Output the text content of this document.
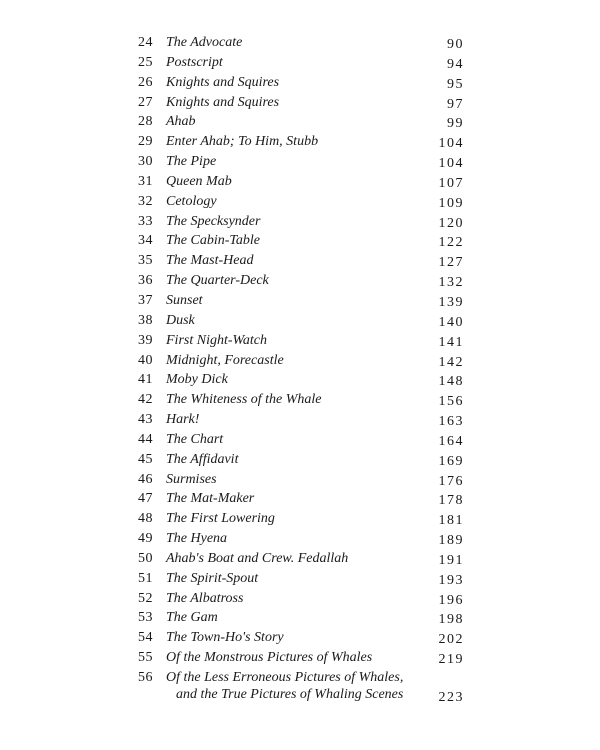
24 The Advocate	90
25 Postscript	94
26 Knights and Squires	95
27 Knights and Squires	97
28 Ahab	99
29 Enter Ahab; To Him, Stubb	104
30 The Pipe	104
31 Queen Mab	107
32 Cetology	109
33 The Specksynder	120
34 The Cabin-Table	122
35 The Mast-Head	127
36 The Quarter-Deck	132
37 Sunset	139
38 Dusk	140
39 First Night-Watch	141
40 Midnight, Forecastle	142
41 Moby Dick	148
42 The Whiteness of the Whale	156
43 Hark!	163
44 The Chart	164
45 The Affidavit	169
46 Surmises	176
47 The Mat-Maker	178
48 The First Lowering	181
49 The Hyena	189
50 Ahab's Boat and Crew. Fedallah	191
51 The Spirit-Spout	193
52 The Albatross	196
53 The Gam	198
54 The Town-Ho's Story	202
55 Of the Monstrous Pictures of Whales	219
56 Of the Less Erroneous Pictures of Whales,
and the True Pictures of Whaling Scenes	223
